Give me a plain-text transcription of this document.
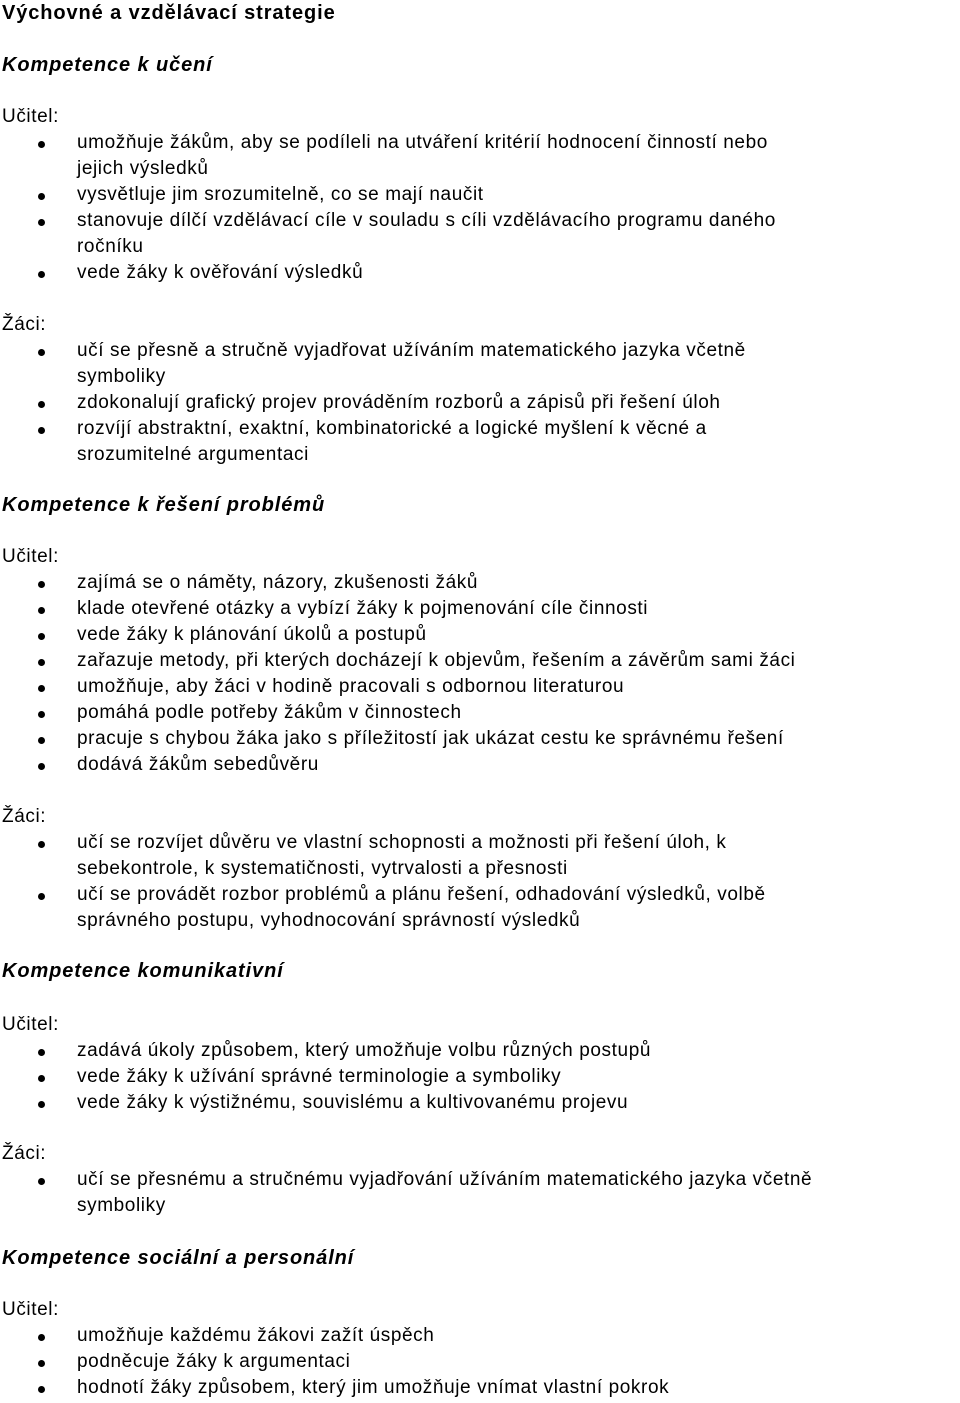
Výchovné a vzdělávací strategie
Kompetence k učení
Učitel:
umožňuje žákům, aby se podíleli na utváření kritérií hodnocení činností nebo
jejich výsledků
vysvětluje jim srozumitelně, co se mají naučit
stanovuje dílčí vzdělávací cíle v souladu s cíli vzdělávacího programu daného
ročníku
vede žáky k ověřování výsledků
Žáci:
učí se přesně a stručně vyjadřovat užíváním matematického jazyka včetně
symboliky
zdokonalují grafický projev prováděním rozborů a zápisů při řešení úloh
rozvíjí abstraktní, exaktní, kombinatorické a logické myšlení k věcné a
srozumitelné argumentaci
Kompetence k řešení problémů
Učitel:
zajímá se o náměty, názory, zkušenosti žáků
klade otevřené otázky a vybízí žáky k pojmenování cíle činnosti
vede žáky k plánování úkolů a postupů
zařazuje metody, při kterých docházejí k objevům, řešením a závěrům sami žáci
umožňuje, aby žáci v hodině pracovali s odbornou literaturou
pomáhá podle potřeby žákům v činnostech
pracuje s chybou žáka jako s příležitostí jak ukázat cestu ke správnému řešení
dodává žákům sebedůvěru
Žáci:
učí se rozvíjet důvěru ve vlastní schopnosti a možnosti při řešení úloh, k
sebekontrole, k systematičnosti, vytrvalosti a přesnosti
učí se provádět rozbor problémů a plánu řešení, odhadování výsledků, volbě
správného postupu, vyhodnocování správností výsledků
Kompetence komunikativní
Učitel:
zadává úkoly způsobem, který umožňuje volbu různých postupů
vede žáky k užívání správné terminologie a symboliky
vede žáky k výstižnému, souvislému a kultivovanému projevu
Žáci:
učí se přesnému a stručnému vyjadřování užíváním matematického jazyka včetně
symboliky
Kompetence sociální a personální
Učitel:
umožňuje každému žákovi zažít úspěch
podněcuje žáky k argumentaci
hodnotí žáky způsobem, který jim umožňuje vnímat vlastní pokrok
